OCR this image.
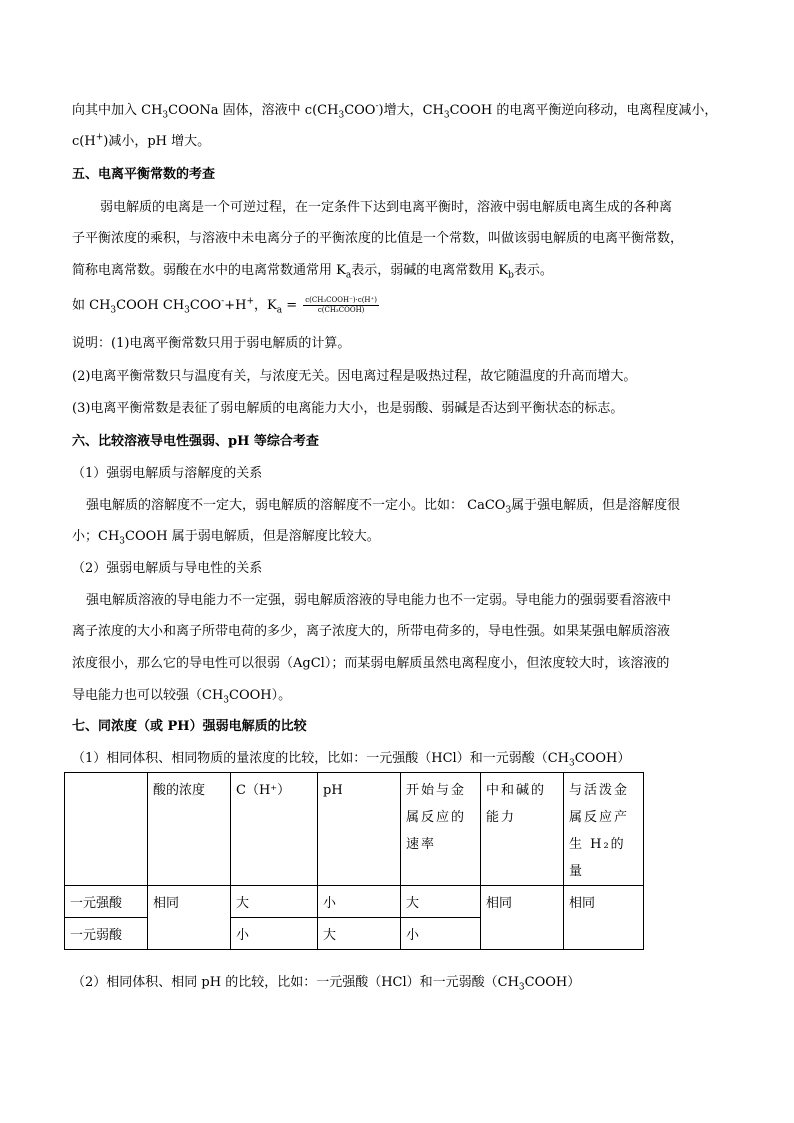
向其中加入 $CH_3COONa$ 固体，溶液中 $c(CH_3COO^-)$增大，$CH_3COOH$ 的电离平衡逆向移动，电离程度减小，
c(H+)减小，pH 增大。
五、电离平衡常数的考查
弱电解质的电离是一个可逆过程，在一定条件下达到电离平衡时，溶液中弱电解质电离生成的各种离
子平衡浓度的乘积，与溶液中未电离分子的平衡浓度的比值是一个常数，叫做该弱电解质的电离平衡常数，
简称电离常数。弱酸在水中的电离常数通常用 $K_a$表示，弱碱的电离常数用 $K_b$表示。
如 $CH_3COOH$ $CH_3COO^-+H^+$，$K_a = \frac{\text{c(CH₃COOH⁻)·c(H⁺)}}{\text{c(CH₃COOH)}}$
说明：(1)电离平衡常数只用于弱电解质的计算。
(2)电离平衡常数只与温度有关，与浓度无关。因电离过程是吸热过程，故它随温度的升高而增大。
(3)电离平衡常数是表征了弱电解质的电离能力大小，也是弱酸、弱碱是否达到平衡状态的标志。
六、比较溶液导电性强弱、pH 等综合考查
（1）强弱电解质与溶解度的关系
强电解质的溶解度不一定大，弱电解质的溶解度不一定小。比如： CaCO$_3$属于强电解质，但是溶解度很
小；$CH_3COOH$ 属于弱电解质，但是溶解度比较大。
（2）强弱电解质与导电性的关系
强电解质溶液的导电能力不一定强，弱电解质溶液的导电能力也不一定弱。导电能力的强弱要看溶液中
离子浓度的大小和离子所带电荷的多少，离子浓度大的，所带电荷多的，导电性强。如果某强电解质溶液
浓度很小，那么它的导电性可以很弱（AgCl）；而某弱电解质虽然电离程度小，但浓度较大时，该溶液的
导电能力也可以较强$(CH_3COOH)$。
七、同浓度（或 PH）强弱电解质的比较
（1）相同体积、相同物质的量浓度的比较，比如：一元强酸（HCl）和一元弱酸$(CH_3COOH)$
	酸的浓度	C（H⁺）	pH	开始与金属反应的速率	中和碱的能力	与活泼金属反应产生 H₂的量
一元强酸	相同	大	小	大	相同	相同
一元弱酸		小	大	小		
（2）相同体积、相同 pH 的比较，比如：一元强酸（HCl）和一元弱酸$(CH_3COOH)$
